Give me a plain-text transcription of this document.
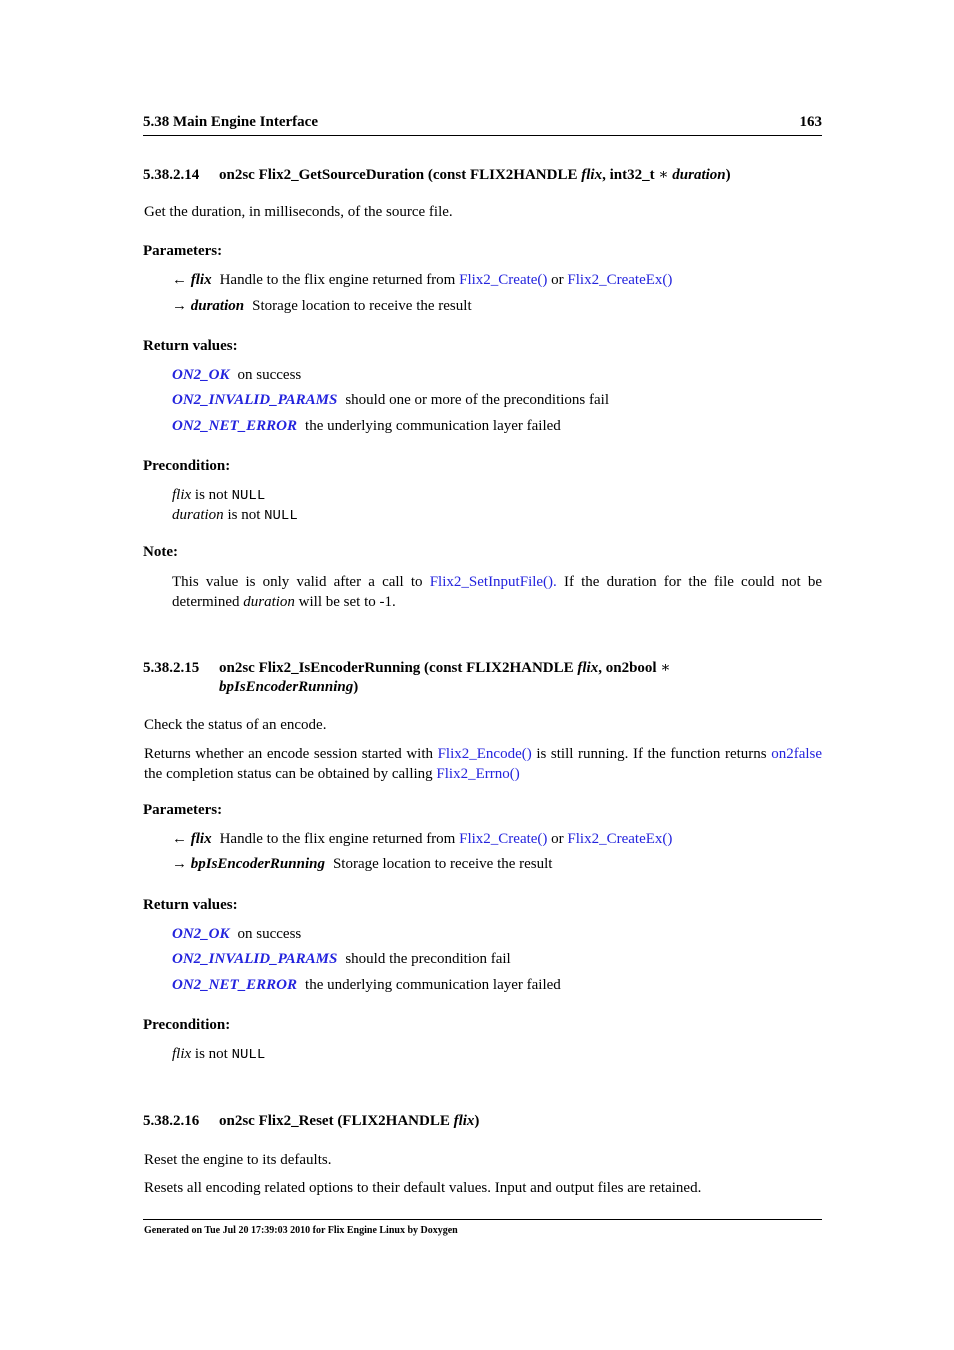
5.38 Main Engine Interface	163
5.38.2.14 on2sc Flix2_GetSourceDuration (const FLIX2HANDLE flix, int32_t ∗ duration)
Get the duration, in milliseconds, of the source file.
Parameters:
← flix Handle to the flix engine returned from Flix2_Create() or Flix2_CreateEx()
→ duration Storage location to receive the result
Return values:
ON2_OK on success
ON2_INVALID_PARAMS should one or more of the preconditions fail
ON2_NET_ERROR the underlying communication layer failed
Precondition:
flix is not NULL
duration is not NULL
Note:
This value is only valid after a call to Flix2_SetInputFile(). If the duration for the file could not be determined duration will be set to -1.
5.38.2.15 on2sc Flix2_IsEncoderRunning (const FLIX2HANDLE flix, on2bool ∗
bpIsEncoderRunning)
Check the status of an encode.
Returns whether an encode session started with Flix2_Encode() is still running. If the function returns on2false the completion status can be obtained by calling Flix2_Errno()
Parameters:
← flix Handle to the flix engine returned from Flix2_Create() or Flix2_CreateEx()
→ bpIsEncoderRunning Storage location to receive the result
Return values:
ON2_OK on success
ON2_INVALID_PARAMS should the precondition fail
ON2_NET_ERROR the underlying communication layer failed
Precondition:
flix is not NULL
5.38.2.16 on2sc Flix2_Reset (FLIX2HANDLE flix)
Reset the engine to its defaults.
Resets all encoding related options to their default values. Input and output files are retained.
Generated on Tue Jul 20 17:39:03 2010 for Flix Engine Linux by Doxygen
